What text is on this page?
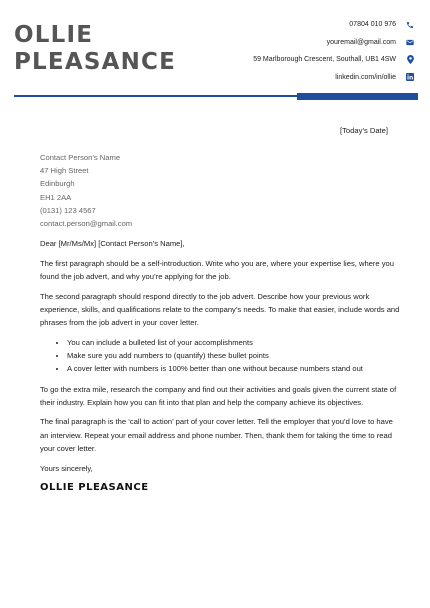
OLLIE
PLEASANCE
07804 010 976
youremail@gmail.com
59 Marlborough Crescent, Southall, UB1 4SW
linkedin.com/in/ollie
[Today’s Date]
Contact Person’s Name
47 High Street
Edinburgh
EH1 2AA
(0131) 123 4567
contact.person@gmail.com

Dear [Mr/Ms/Mx] [Contact Person’s Name],

The first paragraph should be a self-introduction. Write who you are, where your expertise lies, where you found the job advert, and why you’re applying for the job.

The second paragraph should respond directly to the job advert. Describe how your previous work experience, skills, and qualifications relate to the company’s needs. To make that easier, include words and phrases from the job advert in your cover letter.

• You can include a bulleted list of your accomplishments
• Make sure you add numbers to (quantify) these bullet points
• A cover letter with numbers is 100% better than one without because numbers stand out

To go the extra mile, research the company and find out their activities and goals given the current state of their industry. Explain how you can fit into that plan and help the company achieve its objectives.

The final paragraph is the ‘call to action’ part of your cover letter. Tell the employer that you’d love to have an interview. Repeat your email address and phone number. Then, thank them for taking the time to read your cover letter.

Yours sincerely,

OLLIE PLEASANCE
